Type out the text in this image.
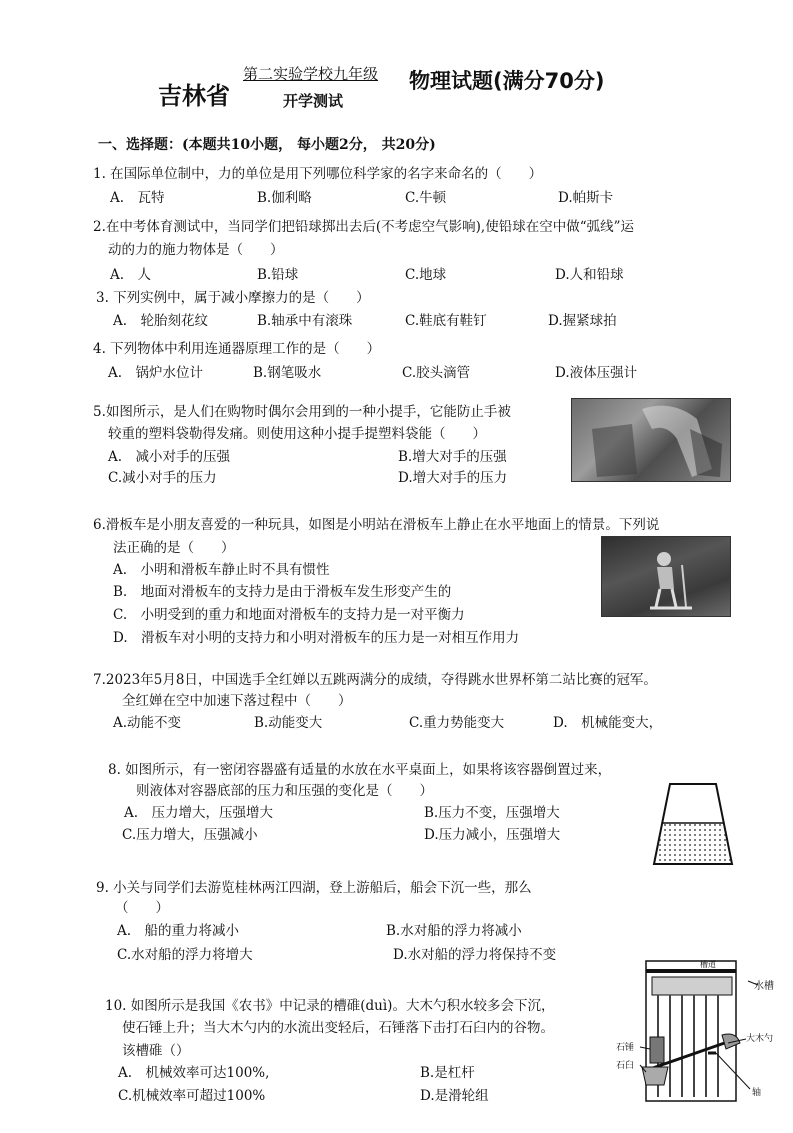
吉林省
第二实验学校九年级
开学测试
物理试题(满分70分)
一、选择题：(本题共10小题， 每小题2分， 共20分)
1. 在国际单位制中，力的单位是用下列哪位科学家的名字来命名的（　　）
A.　瓦特	B.伽利略	C.牛顿	D.帕斯卡
2.在中考体育测试中，当同学们把铅球掷出去后(不考虑空气影响),使铅球在空中做“弧线”运
动的力的施力物体是（　　）
A.　人	B.铅球	C.地球	D.人和铅球
3. 下列实例中，属于减小摩擦力的是（　　）
A.　轮胎刻花纹	B.轴承中有滚珠	C.鞋底有鞋钉	D.握紧球拍
4. 下列物体中利用连通器原理工作的是（　　）
A.　锅炉水位计	B.钢笔吸水	C.胶头滴管	D.液体压强计
5.如图所示，是人们在购物时偶尔会用到的一种小提手，它能防止手被
较重的塑料袋勒得发痛。则使用这种小提手提塑料袋能（　　）
A.　减小对手的压强	B.增大对手的压强
C.减小对手的压力	D.增大对手的压力
6.滑板车是小朋友喜爱的一种玩具，如图是小明站在滑板车上静止在水平地面上的情景。下列说
法正确的是（　　）
A.　小明和滑板车静止时不具有惯性
B.　地面对滑板车的支持力是由于滑板车发生形变产生的
C.　小明受到的重力和地面对滑板车的支持力是一对平衡力
D.　滑板车对小明的支持力和小明对滑板车的压力是一对相互作用力
7.2023年5月8日，中国选手全红婵以五跳两满分的成绩，夺得跳水世界杯第二站比赛的冠军。
全红婵在空中加速下落过程中（　　）
A.动能不变	B.动能变大	C.重力势能变大	D.　机械能变大，
8. 如图所示，有一密闭容器盛有适量的水放在水平桌面上，如果将该容器倒置过来，
则液体对容器底部的压力和压强的变化是（　　）
A.　压力增大，压强增大	B.压力不变，压强增大
C.压力增大，压强减小	D.压力减小，压强增大
9. 小关与同学们去游览桂林两江四湖，登上游船后，船会下沉一些，那么
（　　）
A.　船的重力将减小	B.水对船的浮力将减小
C.水对船的浮力将增大	D.水对船的浮力将保持不变
10. 如图所示是我国《农书》中记录的槽碓(duì)。大木勺积水较多会下沉，
使石锤上升；当大木勺内的水流出变轻后，石锤落下击打石臼内的谷物。
该槽碓（）
A.　机械效率可达100%,	B.是杠杆
C.机械效率可超过100%	D.是滑轮组
槽道
水槽
石锤
石臼
大木勺
轴
